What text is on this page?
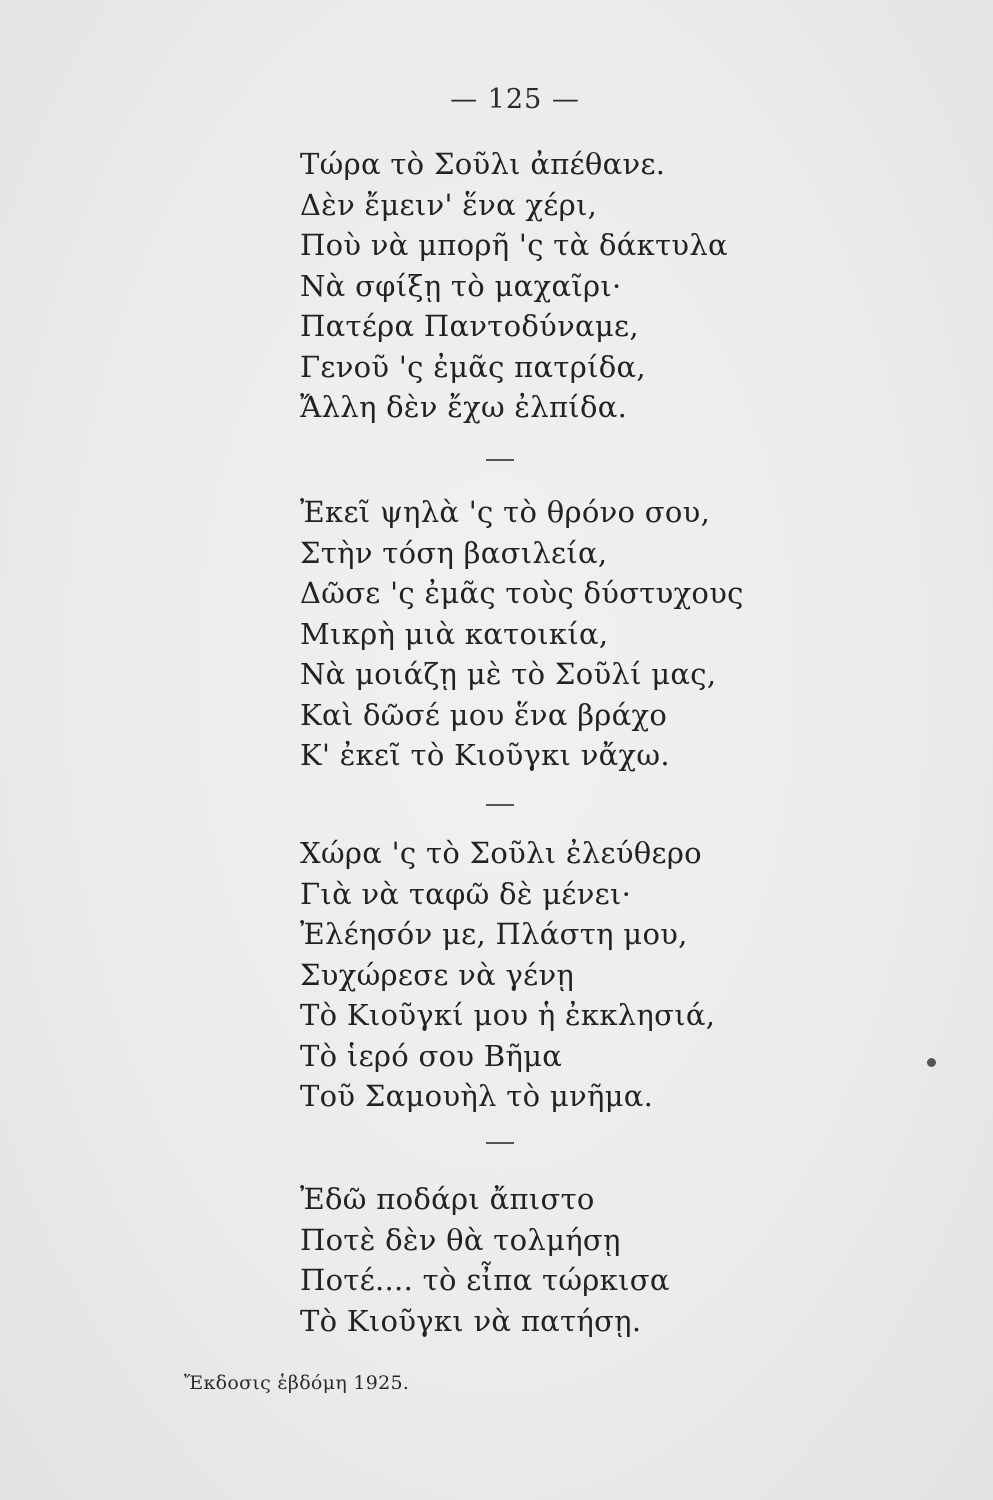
— 125 —
Τώρα τὸ Σοῦλι ἀπέθανε.
Δὲν ἔμειν' ἕνα χέρι,
Ποὺ νὰ μπορῆ 'ς τὰ δάκτυλα
Νὰ σφίξῃ τὸ μαχαῖρι·
Πατέρα Παντοδύναμε,
Γενοῦ 'ς ἐμᾶς πατρίδα,
Ἄλλη δὲν ἔχω ἐλπίδα.
Ἐκεῖ ψηλὰ 'ς τὸ θρόνο σου,
Στὴν τόση βασιλεία,
Δῶσε 'ς ἐμᾶς τοὺς δύστυχους
Μικρὴ μιὰ κατοικία,
Νὰ μοιάζῃ μὲ τὸ Σοῦλί μας,
Καὶ δῶσέ μου ἕνα βράχο
Κ' ἐκεῖ τὸ Κιοῦγκι νἄχω.
Χώρα 'ς τὸ Σοῦλι ἐλεύθερο
Γιὰ νὰ ταφῶ δὲ μένει·
Ἐλέησόν με, Πλάστη μου,
Συχώρεσε νὰ γένῃ
Τὸ Κιοῦγκί μου ἡ ἐκκλησιά,
Τὸ ἱερό σου Βῆμα
Τοῦ Σαμουὴλ τὸ μνῆμα.
Ἐδῶ ποδάρι ἄπιστο
Ποτὲ δὲν θὰ τολμήσῃ
Ποτέ.... τὸ εἶπα τώρκισα
Τὸ Κιοῦγκι νὰ πατήσῃ.
Ἔκδοσις ἑβδόμη 1925.
